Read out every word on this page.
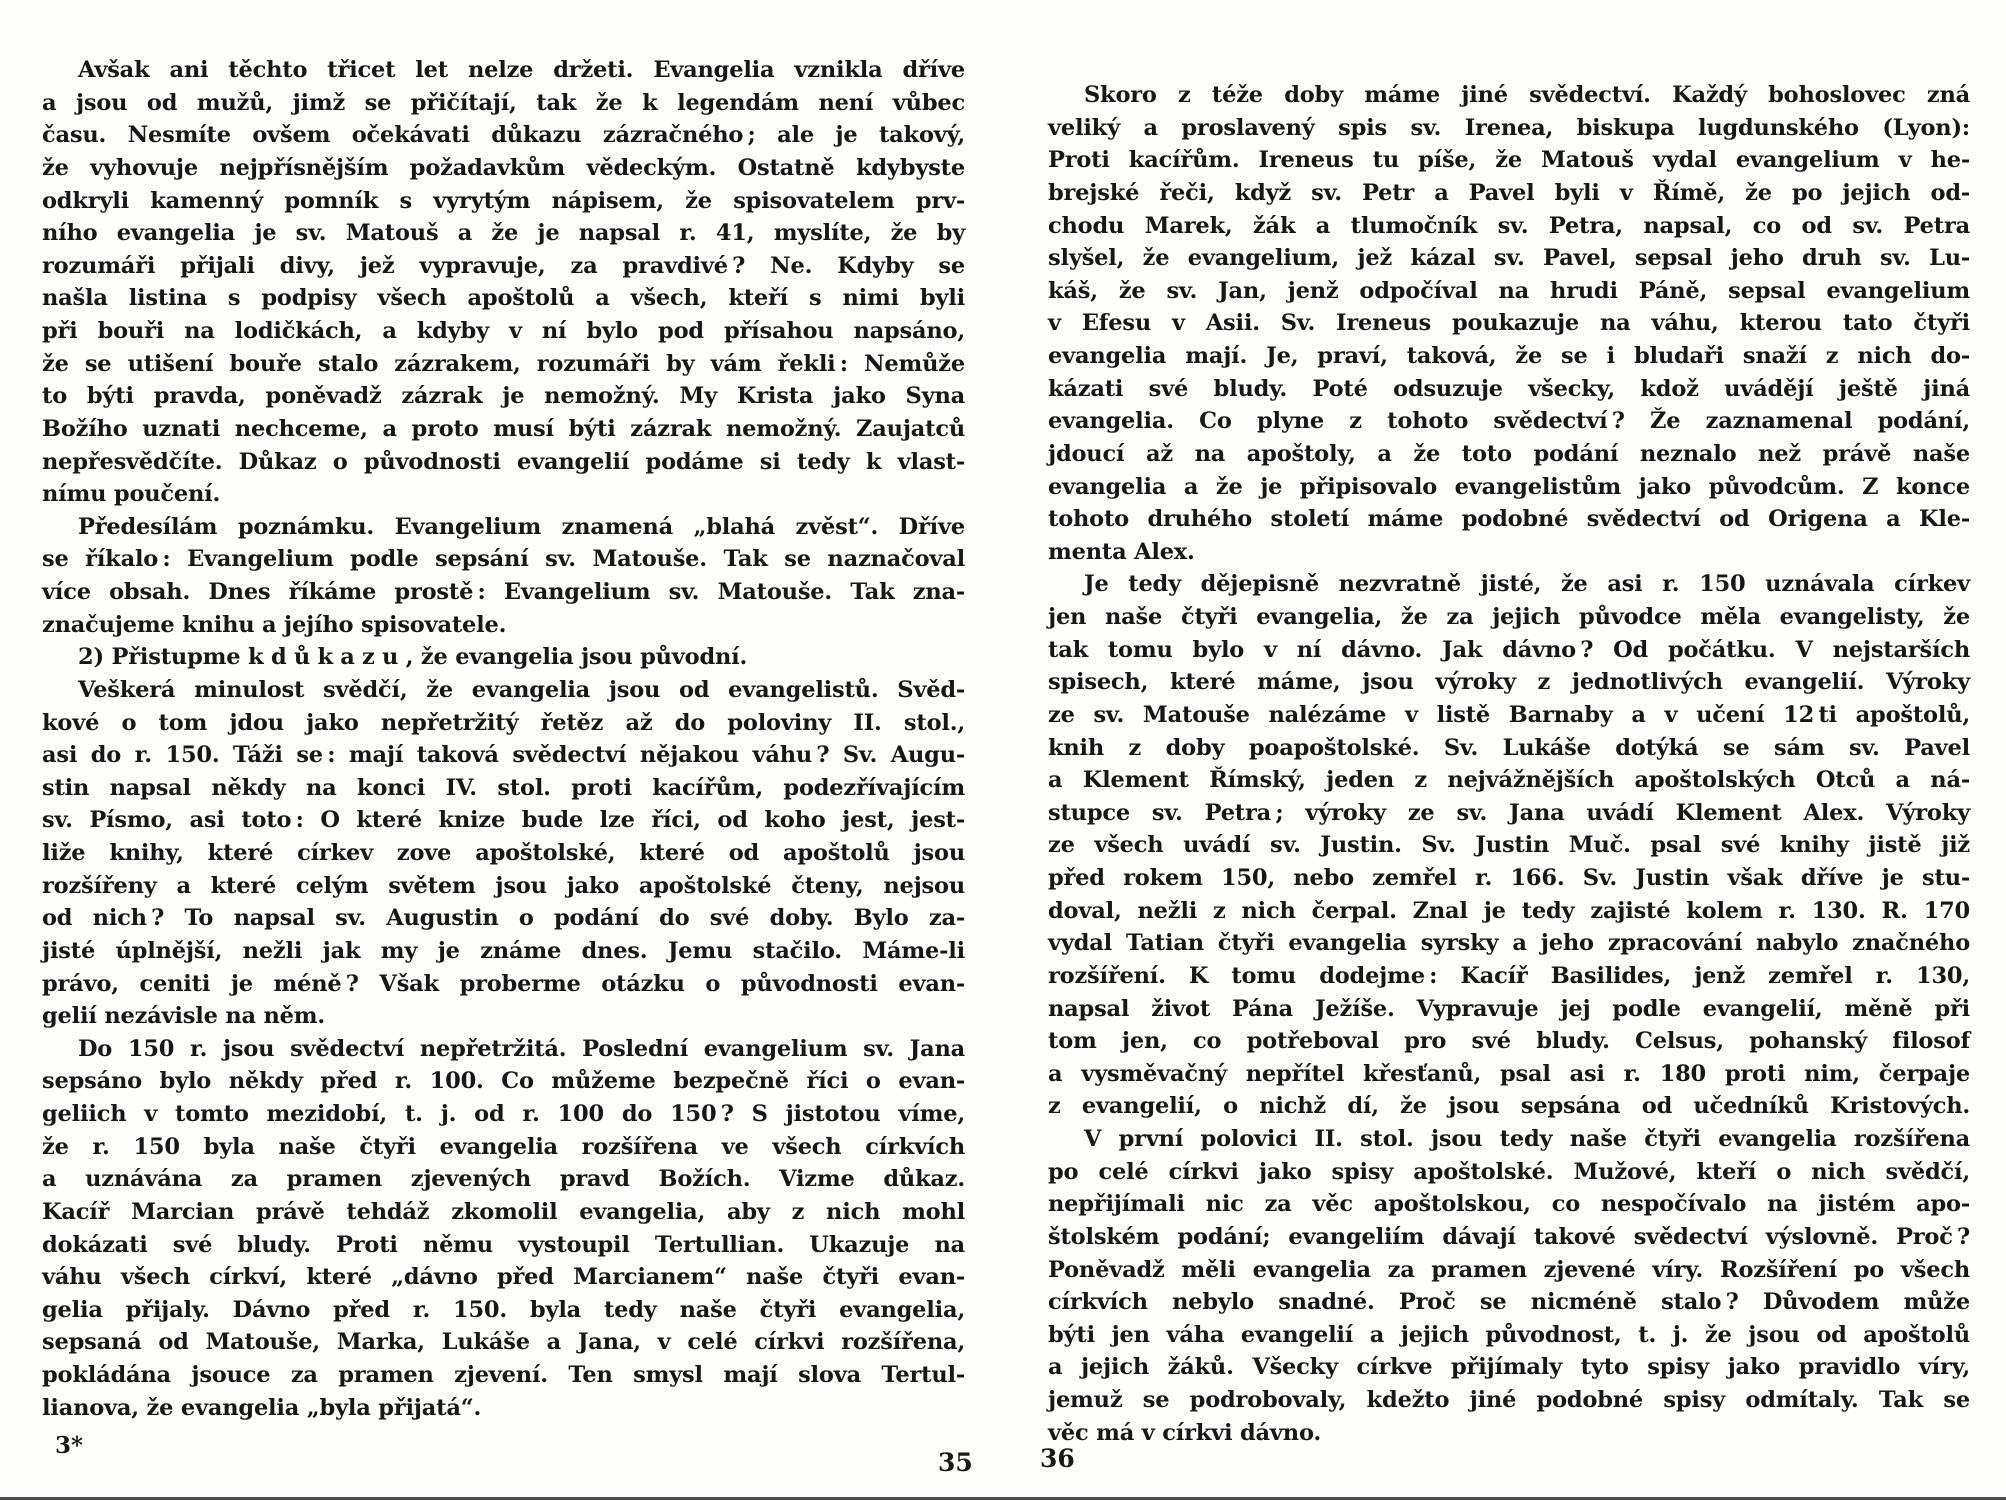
Avšak ani těchto třicet let nelze držeti. Evangelia vznikla dříve
a jsou od mužů, jimž se přičítají, tak že k legendám není vůbec
času. Nesmíte ovšem očekávati důkazu zázračného ; ale je takový,
že vyhovuje nejpřísnějším požadavkům vědeckým. Ostatně kdybyste
odkryli kamenný pomník s vyrytým nápisem, že spisovatelem prv-
ního evangelia je sv. Matouš a že je napsal r. 41, myslíte, že by
rozumáři přijali divy, jež vypravuje, za pravdivé ? Ne. Kdyby se
našla listina s podpisy všech apoštolů a všech, kteří s nimi byli
při bouři na lodičkách, a kdyby v ní bylo pod přísahou napsáno,
že se utišení bouře stalo zázrakem, rozumáři by vám řekli : Nemůže
to býti pravda, poněvadž zázrak je nemožný. My Krista jako Syna
Božího uznati nechceme, a proto musí býti zázrak nemožný. Zaujatců
nepřesvědčíte. Důkaz o původnosti evangelií podáme si tedy k vlast-
nímu poučení.
Předesílám poznámku. Evangelium znamená „blahá zvěst“. Dříve
se říkalo : Evangelium podle sepsání sv. Matouše. Tak se naznačoval
více obsah. Dnes říkáme prostě : Evangelium sv. Matouše. Tak zna-
značujeme knihu a jejího spisovatele.
2) Přistupme k důkazu, že evangelia jsou původní.
Veškerá minulost svědčí, že evangelia jsou od evangelistů. Svěd-
kové o tom jdou jako nepřetržitý řetěz až do poloviny II. stol.,
asi do r. 150. Táži se : mají taková svědectví nějakou váhu ? Sv. Augu-
stin napsal někdy na konci IV. stol. proti kacířům, podezřívajícím
sv. Písmo, asi toto : O které knize bude lze říci, od koho jest, jest-
liže knihy, které církev zove apoštolské, které od apoštolů jsou
rozšířeny a které celým světem jsou jako apoštolské čteny, nejsou
od nich ? To napsal sv. Augustin o podání do své doby. Bylo za-
jisté úplnější, nežli jak my je známe dnes. Jemu stačilo. Máme-li
právo, ceniti je méně ? Však proberme otázku o původnosti evan-
gelií nezávisle na něm.
Do 150 r. jsou svědectví nepřetržitá. Poslední evangelium sv. Jana
sepsáno bylo někdy před r. 100. Co můžeme bezpečně říci o evan-
geliich v tomto mezidobí, t. j. od r. 100 do 150 ? S jistotou víme,
že r. 150 byla naše čtyři evangelia rozšířena ve všech církvích
a uznávána za pramen zjevených pravd Božích. Vizme důkaz.
Kacíř Marcian právě tehdáž zkomolil evangelia, aby z nich mohl
dokázati své bludy. Proti němu vystoupil Tertullian. Ukazuje na
váhu všech církví, které „dávno před Marcianem“ naše čtyři evan-
gelia přijaly. Dávno před r. 150. byla tedy naše čtyři evangelia,
sepsaná od Matouše, Marka, Lukáše a Jana, v celé církvi rozšířena,
pokládána jsouce za pramen zjevení. Ten smysl mají slova Tertul-
lianova, že evangelia „byla přijatá“.
Skoro z téže doby máme jiné svědectví. Každý bohoslovec zná
veliký a proslavený spis sv. Irenea, biskupa lugdunského (Lyon):
Proti kacířům. Ireneus tu píše, že Matouš vydal evangelium v he-
brejské řeči, když sv. Petr a Pavel byli v Římě, že po jejich od-
chodu Marek, žák a tlumočník sv. Petra, napsal, co od sv. Petra
slyšel, že evangelium, jež kázal sv. Pavel, sepsal jeho druh sv. Lu-
káš, že sv. Jan, jenž odpočíval na hrudi Páně, sepsal evangelium
v Efesu v Asii. Sv. Ireneus poukazuje na váhu, kterou tato čtyři
evangelia mají. Je, praví, taková, že se i bludaři snaží z nich do-
kázati své bludy. Poté odsuzuje všecky, kdož uvádějí ještě jiná
evangelia. Co plyne z tohoto svědectví ? Že zaznamenal podání,
jdoucí až na apoštoly, a že toto podání neznalo než právě naše
evangelia a že je připisovalo evangelistům jako původcům. Z konce
tohoto druhého století máme podobné svědectví od Origena a Kle-
menta Alex.
Je tedy dějepisně nezvratně jisté, že asi r. 150 uznávala církev
jen naše čtyři evangelia, že za jejich původce měla evangelisty, že
tak tomu bylo v ní dávno. Jak dávno ? Od počátku. V nejstarších
spisech, které máme, jsou výroky z jednotlivých evangelií. Výroky
ze sv. Matouše nalézáme v listě Barnaby a v učení 12 ti apoštolů,
knih z doby poapoštolské. Sv. Lukáše dotýká se sám sv. Pavel
a Klement Římský, jeden z nejvážnějších apoštolských Otců a ná-
stupce sv. Petra ; výroky ze sv. Jana uvádí Klement Alex. Výroky
ze všech uvádí sv. Justin. Sv. Justin Muč. psal své knihy jistě již
před rokem 150, nebo zemřel r. 166. Sv. Justin však dříve je stu-
doval, nežli z nich čerpal. Znal je tedy zajisté kolem r. 130. R. 170
vydal Tatian čtyři evangelia syrsky a jeho zpracování nabylo značného
rozšíření. K tomu dodejme : Kacíř Basilides, jenž zemřel r. 130,
napsal život Pána Ježíše. Vypravuje jej podle evangelií, měně při
tom jen, co potřeboval pro své bludy. Celsus, pohanský filosof
a vysměvačný nepřítel křesťanů, psal asi r. 180 proti nim, čerpaje
z evangelií, o nichž dí, že jsou sepsána od učedníků Kristových.
V první polovici II. stol. jsou tedy naše čtyři evangelia rozšířena
po celé církvi jako spisy apoštolské. Mužové, kteří o nich svědčí,
nepřijímali nic za věc apoštolskou, co nespočívalo na jistém apo-
štolském podání; evangeliím dávají takové svědectví výslovně. Proč ?
Poněvadž měli evangelia za pramen zjevené víry. Rozšíření po všech
církvích nebylo snadné. Proč se nicméně stalo ? Důvodem může
býti jen váha evangelií a jejich původnost, t. j. že jsou od apoštolů
a jejich žáků. Všecky církve přijímaly tyto spisy jako pravidlo víry,
jemuž se podrobovaly, kdežto jiné podobné spisy odmítaly. Tak se
věc má v církvi dávno.
3*
35	36
